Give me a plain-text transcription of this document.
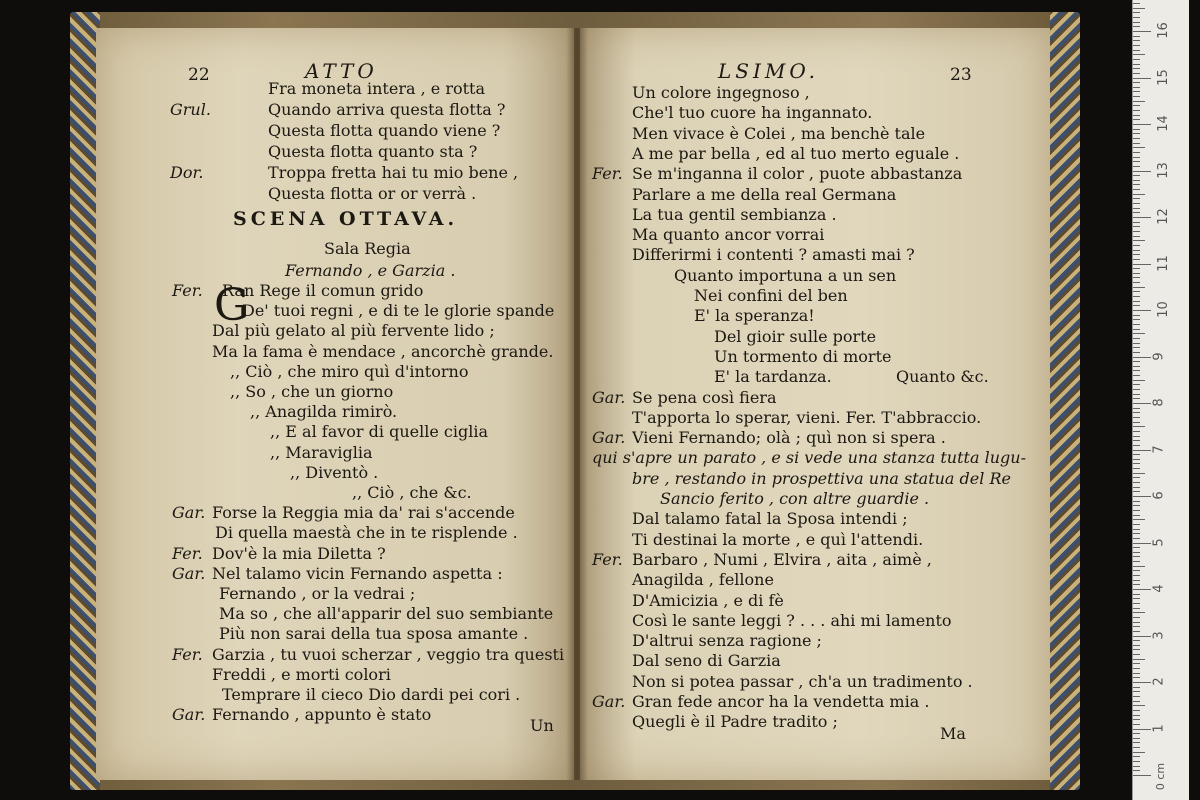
22	ATTO
Fra moneta intera , e rotta
Grul.	Quando arriva questa flotta ?
Questa flotta quando viene ?
Questa flotta quanto sta ?
Dor.	Troppa fretta hai tu mio bene ,
Questa flotta or or verrà .
SCENA OTTAVA.
Sala Regia
Fernando , e Garzia .
G
Fer. Ran Rege il comun grido
De' tuoi regni , e di te le glorie spande
Dal più gelato al più fervente lido ;
Ma la fama è mendace , ancorchè grande.
,, Ciò , che miro quì d'intorno
,, So , che un giorno
,, Anagilda rimirò.
,, E al favor di quelle ciglia
,, Maraviglia
,, Diventò .
,, Ciò , che &c.
Gar. Forse la Reggia mia da' rai s'accende
Di quella maestà che in te risplende .
Fer. Dov'è la mia Diletta ?
Gar. Nel talamo vicin Fernando aspetta :
Fernando , or la vedrai ;
Ma so , che all'apparir del suo sembiante
Più non sarai della tua sposa amante .
Fer. Garzia , tu vuoi scherzar , veggio tra questi
Freddi , e morti colori
Temprare il cieco Dio dardi pei cori .
Gar. Fernando , appunto è stato
Un
LSIMO.	23
Un colore ingegnoso ,
Che'l tuo cuore ha ingannato.
Men vivace è Colei , ma benchè tale
A me par bella , ed al tuo merto eguale .
Fer. Se m'inganna il color , puote abbastanza
Parlare a me della real Germana
La tua gentil sembianza .
Ma quanto ancor vorrai
Differirmi i contenti ? amasti mai ?
Quanto importuna a un sen
Nei confini del ben
E' la speranza!
Del gioir sulle porte
Un tormento di morte
E' la tardanza.
Gar. Se pena così fiera
T'apporta lo sperar, vieni. Fer. T'abbraccio.
Gar. Vieni Fernando; olà ; quì non si spera .
qui s'apre un parato , e si vede una stanza tutta lugu-
bre , restando in prospettiva una statua del Re
Sancio ferito , con altre guardie .
Dal talamo fatal la Sposa intendi ;
Ti destinai la morte , e quì l'attendi.
Fer. Barbaro , Numi , Elvira , aita , aimè ,
Anagilda , fellone
D'Amicizia , e di fè
Così le sante leggi ? . . . ahi mi lamento
D'altrui senza ragione ;
Dal seno di Garzia
Non si potea passar , ch'a un tradimento .
Gar. Gran fede ancor ha la vendetta mia .
Quegli è il Padre tradito ;
Quanto &c.
Ma
0 cm
1
2
3
4
5
6
7
8
9
10
11
12
13
14
15
16
